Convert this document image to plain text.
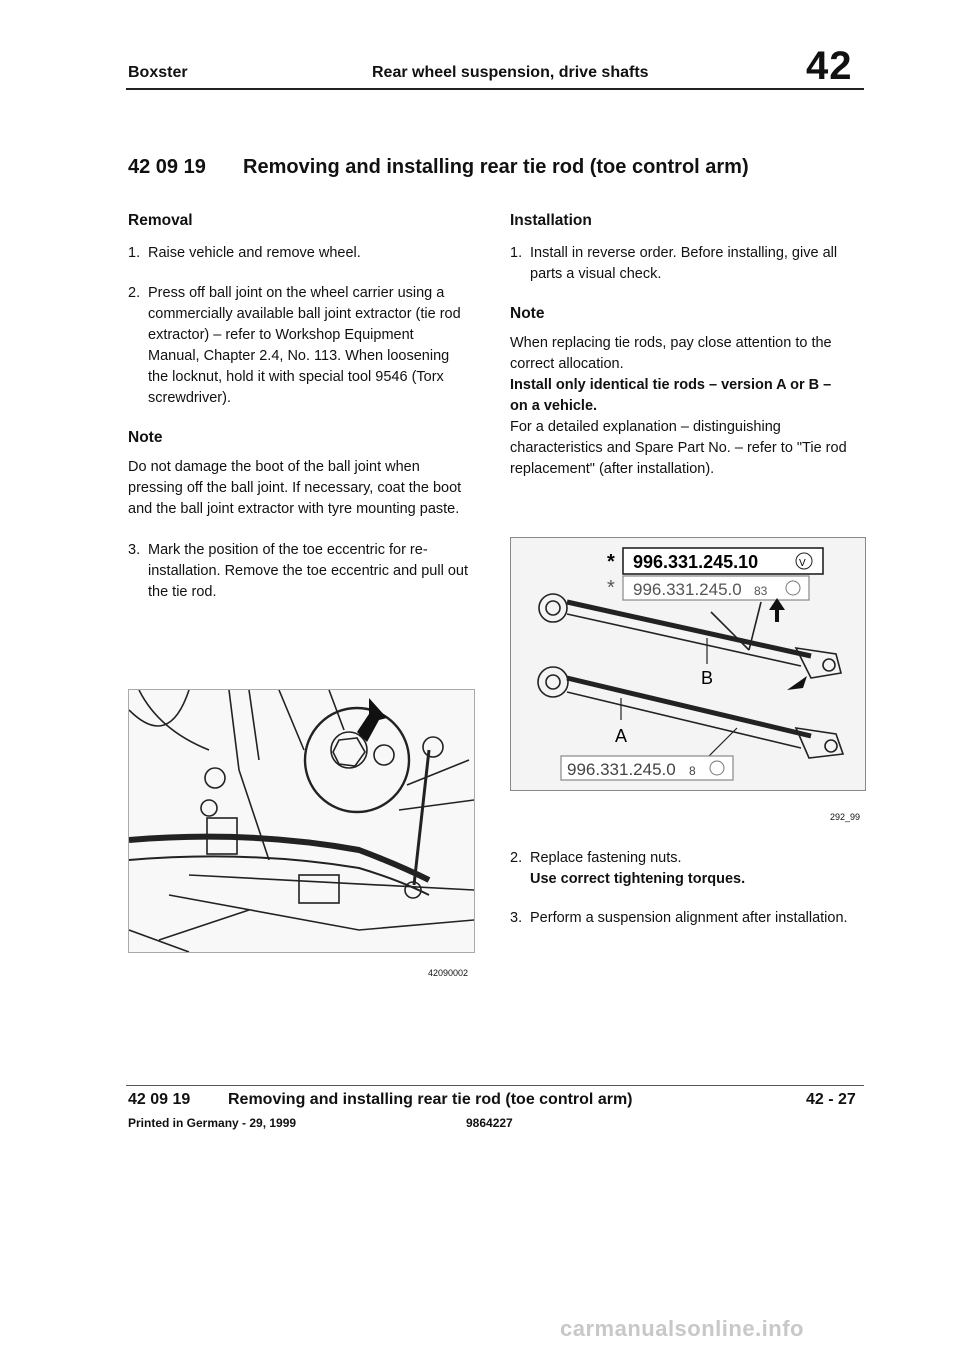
Boxster	Rear wheel suspension, drive shafts	42
42 09 19 Removing and installing rear tie rod (toe control arm)

Removal

1. Raise vehicle and remove wheel.
2. Press off ball joint on the wheel carrier using a commercially available ball joint extractor (tie rod extractor) – refer to Workshop Equipment Manual, Chapter 2.4, No. 113. When loosening the locknut, hold it with special tool 9546 (Torx screwdriver).

Note

Do not damage the boot of the ball joint when pressing off the ball joint. If necessary, coat the boot and the ball joint extractor with tyre mounting paste.

3. Mark the position of the toe eccentric for re-installation. Remove the toe eccentric and pull out the tie rod.
42090002

Installation

1. Install in reverse order. Before installing, give all parts a visual check.

Note

When replacing tie rods, pay close attention to the correct allocation.

Install only identical tie rods – version A or B – on a vehicle.

For a detailed explanation – distinguishing characteristics and Spare Part No. – refer to "Tie rod replacement" (after installation).

* 996.331.245.10	V
* 996.331.245.0 83
B
A
996.331.245.0 8
292_99
2. Replace fastening nuts.
Use correct tightening torques.
3. Perform a suspension alignment after installation.
42 09 19 Removing and installing rear tie rod (toe control arm)	42 - 27
Printed in Germany - 29, 1999	9864227
carmanualsonline.info
